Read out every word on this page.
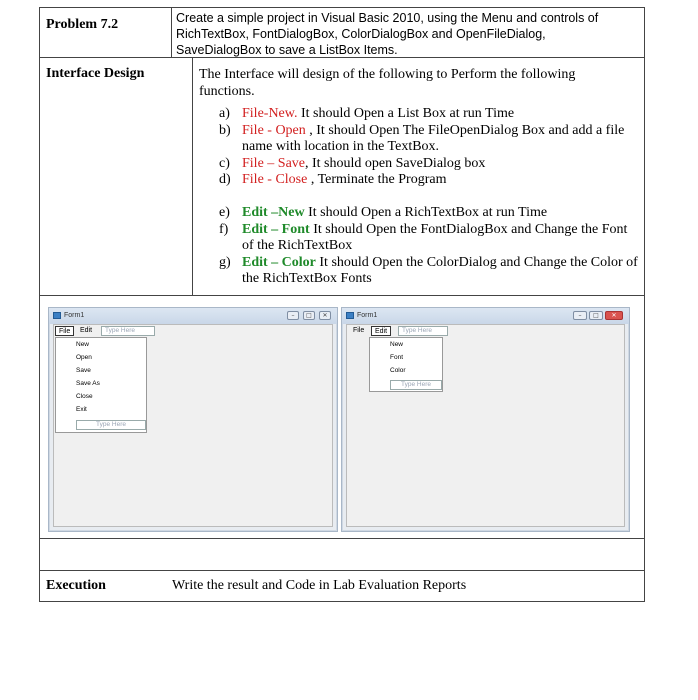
Problem 7.2	Create a simple project in Visual Basic 2010, using the Menu and controls of RichTextBox, FontDialogBox, ColorDialogBox and OpenFileDialog, SaveDialogBox to save a ListBox Items.
Interface Design	The Interface will design of the following to Perform the following functions.
a) File-New. It should Open a List Box at run Time
b) File - Open , It should Open The FileOpenDialog Box and add a file name with location in the TextBox.
c) File – Save, It should open SaveDialog box
d) File - Close , Terminate the Program
e) Edit –New It should Open a RichTextBox at run Time
f) Edit – Font It should Open the FontDialogBox and Change the Font of the RichTextBox
g) Edit – Color It should Open the ColorDialog and Change the Color of the RichTextBox Fonts
Form1	–	□	✕
File	Edit	Type Here
New
Open
Save
Save As
Close
Exit
Type Here
Form1	–	□	✕
File	Edit	Type Here
New
Font
Color
Type Here
Execution	Write the result and Code in Lab Evaluation Reports
